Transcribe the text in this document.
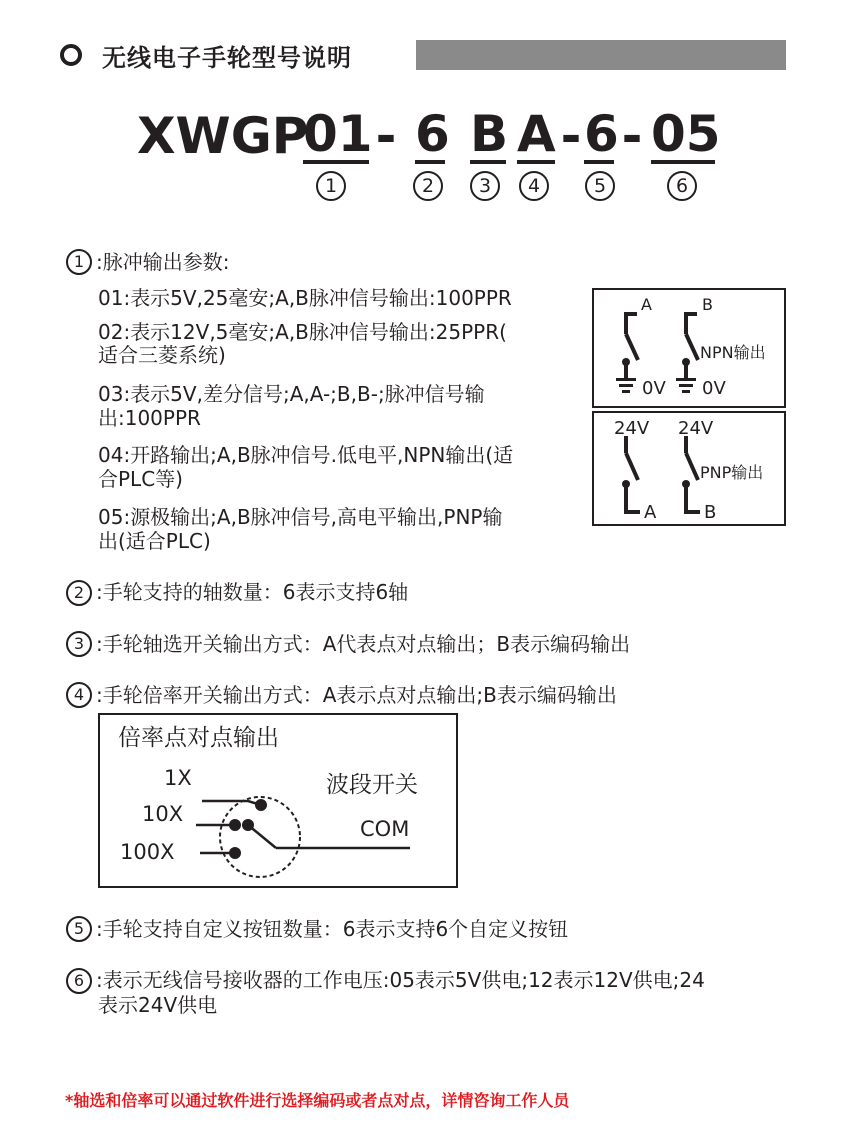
无线电子手轮型号说明
XWGP
01 - 6 B A - 6 - 05
1	2	3	4	5	6
1 :脉冲输出参数:
01:表示5V,25毫安;A,B脉冲信号输出:100PPR
02:表示12V,5毫安;A,B脉冲信号输出:25PPR(
适合三菱系统)
03:表示5V,差分信号;A,A-;B,B-;脉冲信号输
出:100PPR
04:开路输出;A,B脉冲信号.低电平,NPN输出(适
合PLC等)
05:源极输出;A,B脉冲信号,高电平输出,PNP输
出(适合PLC)
A	B
NPN输出
0V 0V
24V 24V
PNP输出
A	B
2 :手轮支持的轴数量：6表示支持6轴
3 :手轮轴选开关输出方式：A代表点对点输出；B表示编码输出
4 :手轮倍率开关输出方式：A表示点对点输出;B表示编码输出
倍率点对点输出
1X
10X
100X
波段开关
COM
5 :手轮支持自定义按钮数量：6表示支持6个自定义按钮
6 :表示无线信号接收器的工作电压:05表示5V供电;12表示12V供电;24
表示24V供电
*轴选和倍率可以通过软件进行选择编码或者点对点，详情咨询工作人员
